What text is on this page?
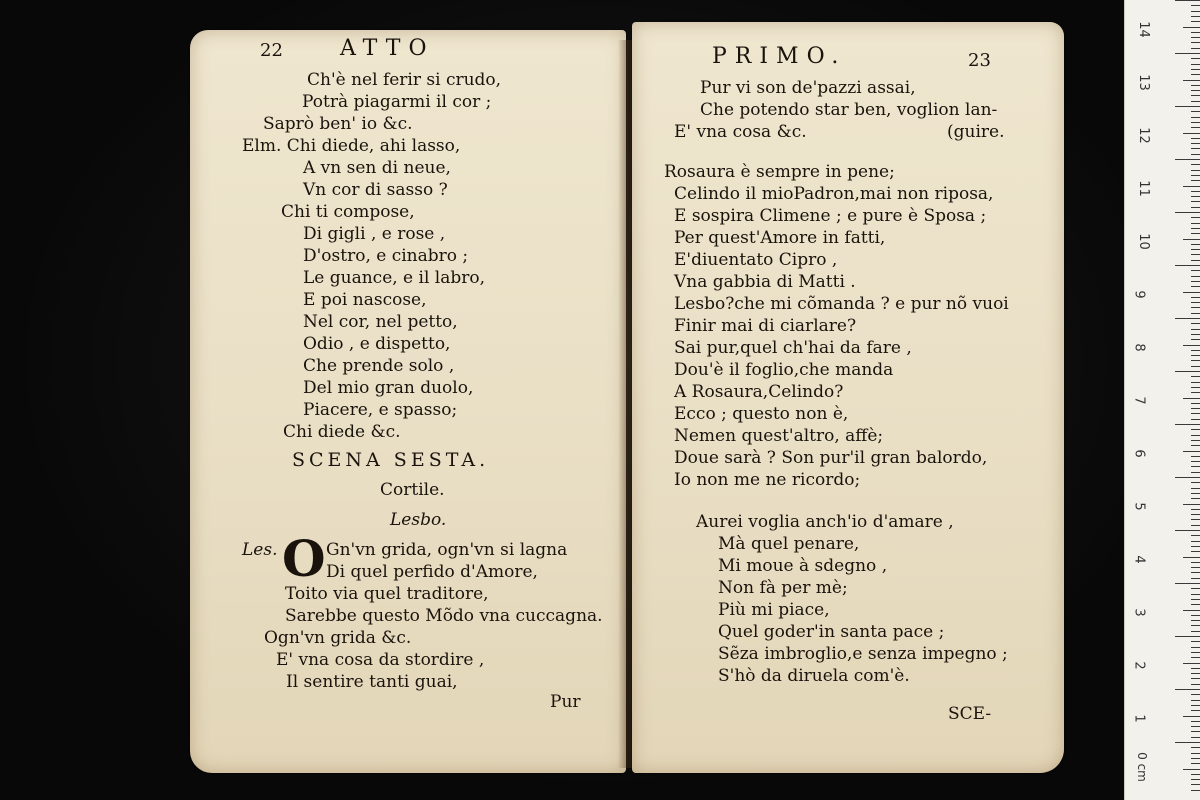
22	ATTO
Ch'è nel ferir si crudo,
Potrà piagarmi il cor ;
Saprò ben' io &c.
Elm. Chi diede, ahi lasso,
A vn sen di neue,
Vn cor di sasso ?
Chi ti compose,
Di gigli , e rose ,
D'ostro, e cinabro ;
Le guance, e il labro,
E poi nascose,
Nel cor, nel petto,
Odio , e dispetto,
Che prende solo ,
Del mio gran duolo,
Piacere, e spasso;
Chi diede &c.
SCENA SESTA.
Cortile.
Lesbo.
Les. O Gn'vn grida, ogn'vn si lagna
Di quel perfido d'Amore,
Toito via quel traditore,
Sarebbe questo Mõdo vna cuccagna.
Ogn'vn grida &c.
E' vna cosa da stordire ,
Il sentire tanti guai,
Pur
PRIMO.	23
Pur vi son de'pazzi assai,
Che potendo star ben, voglion lan-
E' vna cosa &c.	(guire.
Rosaura è sempre in pene;
Celindo il mioPadron,mai non riposa,
E sospira Climene ; e pure è Sposa ;
Per quest'Amore in fatti,
E'diuentato Cipro ,
Vna gabbia di Matti .
Lesbo?che mi cõmanda ? e pur nõ vuoi
Finir mai di ciarlare?
Sai pur,quel ch'hai da fare ,
Dou'è il foglio,che manda
A Rosaura,Celindo?
Ecco ; questo non è,
Nemen quest'altro, affè;
Doue sarà ? Son pur'il gran balordo,
Io non me ne ricordo;
Aurei voglia anch'io d'amare ,
Mà quel penare,
Mi moue à sdegno ,
Non fà per mè;
Più mi piace,
Quel goder'in santa pace ;
Sẽza imbroglio,e senza impegno ;
S'hò da diruela com'è.
SCE-
14
13
12
11
10
9
8
7
6
5
4
3
2
1
0 cm
